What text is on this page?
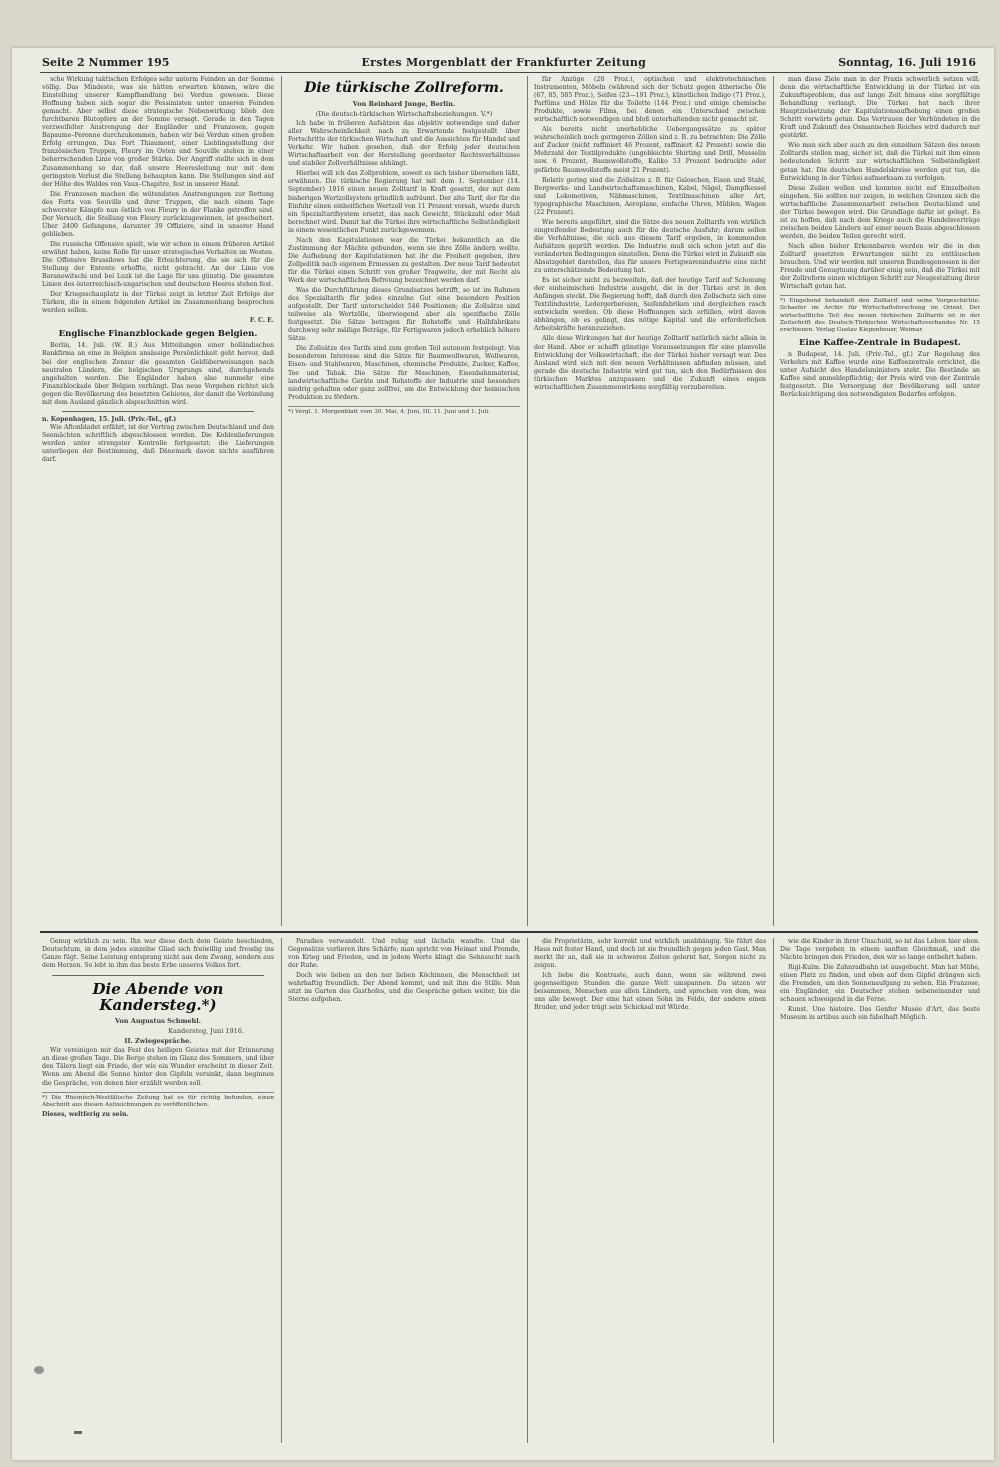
Seite 2 Nummer 195	Erstes Morgenblatt der Frankfurter Zeitung	Sonntag, 16. Juli 1916

sche Wirkung taktischen Erfolges sehr unterm Feinden an der Somme völlig. Das Mindeste, was sie hätten erwarten können, wäre die Einstellung unserer Kampfhandlung bei Verdun gewesen. Diese Hoffnung haben sich sogar die Pessimisten unter unseren Feinden gemacht. Aber selbst diese strategische Nebenwirkung blieb den furchtbaren Blutopfern an der Somme versagt. Gerade in den Tagen verzweifelter Anstrengung der Engländer und Franzosen, gegen Bapaume–Peronne durchzukommen, haben wir bei Verdun einen großen Erfolg errungen. Das Fort Thiaumont, einer Lieblingsstellung der französischen Truppen, Fleury im Osten und Souville stehen in einer beherrschenden Linie von großer Stärke. Der Angriff stellte sich in dem Zusammenhang so dar, daß unsere Heeresleitung nur mit dem geringsten Verlust die Stellung behaupten kann. Die Stellungen sind auf der Höhe des Waldes von Vaux–Chapitre, fest in unserer Hand.

Die Franzosen machen die wütendsten Anstrengungen zur Rettung des Forts von Souville und ihrer Truppen, die nach einem Tage schwerster Kämpfe nun östlich von Fleury in der Flanke getroffen sind. Der Versuch, die Stellung von Fleury zurückzugewinnen, ist gescheitert. Über 2400 Gefangene, darunter 39 Offiziere, sind in unserer Hand geblieben.

Die russische Offensive spielt, wie wir schon in einem früheren Artikel erwähnt haben, keine Rolle für unser strategisches Verhalten im Westen. Die Offensive Brussilows hat die Erleichterung, die sie sich für die Stellung der Entente erhoffte, nicht gebracht. An der Linie von Baranowitschi und bei Luzk ist die Lage für uns günstig. Die gesamten Linien des österreichisch-ungarischen und deutschen Heeres stehen fest.

Der Kriegsschauplatz in der Türkei zeigt in letzter Zeit Erfolge der Türken, die in einem folgenden Artikel im Zusammenhang besprochen werden sollen.

F. C. E.
Englische Finanzblockade gegen Belgien.

Berlin, 14. Juli. (W. B.) Aus Mitteilungen einer holländischen Bankfirma an eine in Belgien ansässige Persönlichkeit geht hervor, daß bei der englischen Zensur die gesamten Geldüberweisungen nach neutralen Ländern, die belgischen Ursprungs sind, durchgehends angehalten werden. Die Engländer haben also nunmehr eine Finanzblockade über Belgien verhängt. Das neue Vorgehen richtet sich gegen die Bevölkerung des besetzten Gebietes, der damit die Verbindung mit dem Ausland gänzlich abgeschnitten wird.

n. Kopenhagen, 15. Juli. (Priv.-Tel., gf.)

Wie Aftonbladet erfährt, ist der Vertrag zwischen Deutschland und den Seemächten schriftlich abgeschlossen worden. Die Kohlenlieferungen werden unter strengster Kontrolle fortgesetzt; die Lieferungen unterliegen der Bestimmung, daß Dänemark davon nichts ausführen darf.

Die türkische Zollreform.
Von Reinhard Junge, Berlin.
(Die deutsch-türkischen Wirtschaftsbeziehungen. V.*)

Ich habe in früheren Aufsätzen das objektiv notwendige und daher aller Wahrscheinlichkeit nach zu Erwartende festgestellt über Fortschritte der türkischen Wirtschaft und die Aussichten für Handel und Verkehr. Wir haben gesehen, daß der Erfolg jeder deutschen Wirtschaftsarbeit von der Herstellung geordneter Rechtsverhältnisse und stabiler Zollverhältnisse abhängt.

Hierbei will ich das Zollproblem, soweit es sich bisher übersehen läßt, erwähnen. Die türkische Regierung hat mit dem 1. September (14. September) 1916 einen neuen Zolltarif in Kraft gesetzt, der mit dem bisherigen Wertzollsystem gründlich aufräumt. Der alte Tarif, der für die Einfuhr einen einheitlichen Wertzoll von 11 Prozent vorsah, wurde durch ein Spezialtarifsystem ersetzt, das nach Gewicht, Stückzahl oder Maß berechnet wird. Damit hat die Türkei ihre wirtschaftliche Selbständigkeit in einem wesentlichen Punkt zurückgewonnen.

Nach den Kapitulationen war die Türkei bekanntlich an die Zustimmung der Mächte gebunden, wenn sie ihre Zölle ändern wollte. Die Aufhebung der Kapitulationen hat ihr die Freiheit gegeben, ihre Zollpolitik nach eigenem Ermessen zu gestalten. Der neue Tarif bedeutet für die Türkei einen Schritt von großer Tragweite, der mit Recht als Werk der wirtschaftlichen Befreiung bezeichnet werden darf.

Was die Durchführung dieses Grundsatzes betrifft, so ist im Rahmen des Spezialtarifs für jedes einzelne Gut eine besondere Position aufgestellt. Der Tarif unterscheidet 546 Positionen; die Zollsätze sind teilweise als Wertzölle, überwiegend aber als spezifische Zölle festgesetzt. Die Sätze betragen für Rohstoffe und Halbfabrikate durchweg sehr mäßige Beträge, für Fertigwaren jedoch erheblich höhere Sätze.

Die Zollsätze des Tarifs sind zum großen Teil autonom festgelegt. Von besonderem Interesse sind die Sätze für Baumwollwaren, Wollwaren, Eisen- und Stahlwaren, Maschinen, chemische Produkte, Zucker, Kaffee, Tee und Tabak. Die Sätze für Maschinen, Eisenbahnmaterial, landwirtschaftliche Geräte und Rohstoffe der Industrie sind besonders niedrig gehalten oder ganz zollfrei, um die Entwicklung der heimischen Produktion zu fördern.

*) Vergl. 1. Morgenblatt vom 30. Mai, 4. Juni, III. 11. Juni und 1. Juli.

für Anzüge (20 Proz.), optischen und elektrotechnischen Instrumenten, Möbeln (während sich der Schutz gegen ätherische Öle (67, 85, 505 Proz.), Seifen (23—191 Proz.), künstlichen Indigo (71 Proz.), Parfüms und Hölze für die Toilette (144 Proz.) und einige chemische Produkte, sowie Films, bei denen ein Unterschied zwischen wirtschaftlich notwendigen und bloß unterhaltenden nicht gemacht ist.

Als bereits nicht unerhebliche Uebergangssätze zu später wahrscheinlich noch geringeren Zöllen sind z. B. zu betrachten: Die Zölle auf Zucker (nicht raffiniert 46 Prozent, raffiniert 42 Prozent) sowie die Mehrzahl der Textilprodukte (ungebleichte Shirting und Drill, Musselin usw. 6 Prozent, Baumwollstoffe, Kaliko 53 Prozent bedruckte oder gefärbte Baumwollstoffe meist 21 Prozent).

Relativ gering sind die Zollsätze z. B. für Galoschen, Eisen und Stahl, Bergwerks- und Landwirtschaftsmaschinen, Kabel, Nägel, Dampfkessel und Lokomotiven, Nähmaschinen, Textilmaschinen aller Art, typographische Maschinen, Aeroplane, einfache Uhren, Mühlen, Wagen (22 Prozent).

Wie bereits angeführt, sind die Sätze des neuen Zolltarifs von wirklich eingreifender Bedeutung auch für die deutsche Ausfuhr; darum sollen die Verhältnisse, die sich aus diesem Tarif ergeben, in kommenden Aufsätzen geprüft werden. Die Industrie muß sich schon jetzt auf die veränderten Bedingungen einstellen. Denn die Türkei wird in Zukunft ein Absatzgebiet darstellen, das für unsere Fertigwarenindustrie eine nicht zu unterschätzende Bedeutung hat.

Es ist sicher nicht zu bezweifeln, daß der heutige Tarif auf Schonung der einheimischen Industrie ausgeht, die in der Türkei erst in den Anfängen steckt. Die Regierung hofft, daß durch den Zollschutz sich eine Textilindustrie, Ledergerbereien, Seifenfabriken und dergleichen rasch entwickeln werden. Ob diese Hoffnungen sich erfüllen, wird davon abhängen, ob es gelingt, das nötige Kapital und die erforderlichen Arbeitskräfte heranzuziehen.

Alle diese Wirkungen hat der heutige Zolltarif natürlich nicht allein in der Hand. Aber er schafft günstige Voraussetzungen für eine planvolle Entwicklung der Volkswirtschaft, die der Türkei bisher versagt war. Das Ausland wird sich mit den neuen Verhältnissen abfinden müssen, und gerade die deutsche Industrie wird gut tun, sich den Bedürfnissen des türkischen Marktes anzupassen und die Zukunft eines engen wirtschaftlichen Zusammenwirkens sorgfältig vorzubereiten.

man diese Ziele man in der Praxis schwerlich setzen will; denn die wirtschaftliche Entwicklung in der Türkei ist ein Zukunftsproblem, das auf lange Zeit hinaus eine sorgfältige Behandlung verlangt. Die Türkei hat nach ihrer Hauptzielsetzung der Kapitulationsaufhebung einen großen Schritt vorwärts getan. Das Vertrauen der Verbündeten in die Kraft und Zukunft des Osmanischen Reiches wird dadurch nur gestärkt.

Wie man sich aber auch zu den einzelnen Sätzen des neuen Zolltarifs stellen mag, sicher ist, daß die Türkei mit ihm einen bedeutenden Schritt zur wirtschaftlichen Selbständigkeit getan hat. Die deutschen Handelskreise werden gut tun, die Entwicklung in der Türkei aufmerksam zu verfolgen.

Diese Zeilen wollen und konnten nicht auf Einzelheiten eingehen. Sie sollten nur zeigen, in welchen Grenzen sich die wirtschaftliche Zusammenarbeit zwischen Deutschland und der Türkei bewegen wird. Die Grundlage dafür ist gelegt. Es ist zu hoffen, daß nach dem Kriege auch die Handelsverträge zwischen beiden Ländern auf einer neuen Basis abgeschlossen werden, die beiden Teilen gerecht wird.

Nach allen bisher Erkennbaren werden wir die in den Zolltarif gesetzten Erwartungen nicht zu enttäuschen brauchen. Und wir werden mit unseren Bundesgenossen in der Freude und Genugtuung darüber einig sein, daß die Türkei mit der Zollreform einen wichtigen Schritt zur Neugestaltung ihrer Wirtschaft getan hat.

*) Eingehend behandelt den Zolltarif und seine Vorgeschichte: Schaefer im Archiv für Wirtschaftsforschung im Orient. Der wirtschaftliche Teil des neuen türkischen Zolltarifs ist in der Zeitschrift des Deutsch-Türkischen Wirtschaftsverbandes Nr. 15 erschienen. Verlag Gustav Kiepenheuer, Weimar.
Eine Kaffee-Zentrale in Budapest.

n Budapest, 14. Juli. (Priv.-Tel., gf.) Zur Regelung des Verkehrs mit Kaffee wurde eine Kaffeezentrale errichtet, die unter Aufsicht des Handelsministers steht. Die Bestände an Kaffee sind anmeldepflichtig; der Preis wird von der Zentrale festgesetzt. Die Versorgung der Bevölkerung soll unter Berücksichtigung des notwendigsten Bedarfes erfolgen.

Genug wirklich zu sein. Ihn war diese doch dem Geiste beschieden, Deutschtum, in dem jedes einzelne Glied sich freiwillig und freudig ins Ganze fügt. Seine Leistung entsprang nicht aus dem Zwang, sondern aus dem Herzen. So lebt in ihm das beste Erbe unseres Volkes fort.

Die Abende von Kandersteg.*)
Von Augustus Schmehl.
Kandersteg, Juni 1916.
II. Zwiegespräche.

Wir vereinigen mir das Fest des heiligen Geistes mit der Erinnerung an diese großen Tage. Die Berge stehen im Glanz des Sommers, und über den Tälern liegt ein Friede, der wie ein Wunder erscheint in dieser Zeit. Wenn am Abend die Sonne hinter den Gipfeln versinkt, dann beginnen die Gespräche, von denen hier erzählt werden soll.

*) Die Rheinisch-Westfälische Zeitung hat es für richtig befunden, einen Abschnitt aus diesen Aufzeichnungen zu veröffentlichen.
Dieses, weltferig zu sein.

Paradies verwandelt. Und ruhig und lächeln wandte. Und die Gegensätze verlieren ihre Schärfe; man spricht von Heimat und Fremde, von Krieg und Frieden, und in jedem Worte klingt die Sehnsucht nach der Ruhe.

Doch wie lieben an den nur lieben Köchinnen, die Menschheit ist wahrhaftig freundlich. Der Abend kommt, und mit ihm die Stille. Man sitzt im Garten des Gasthofes, und die Gespräche gehen weiter, bis die Sterne aufgehen.

die Proprietärin, sehr korrekt und wirklich unabhängig. Sie führt das Haus mit fester Hand, und doch ist sie freundlich gegen jeden Gast. Man merkt ihr an, daß sie in schweren Zeiten gelernt hat, Sorgen nicht zu zeigen.

Ich liebe die Kontraste, auch dann, wenn sie während zwei gegenseitigen Stunden die ganze Welt umspannen. Da sitzen wir beisammen, Menschen aus allen Ländern, und sprechen von dem, was uns alle bewegt. Der eine hat einen Sohn im Felde, der andere einen Bruder, und jeder trägt sein Schicksal mit Würde.

wie die Kinder in ihrer Unschuld, so ist das Leben hier oben. Die Tage vergehen in einem sanften Gleichmaß, und die Nächte bringen den Frieden, den wir so lange entbehrt haben.

Rigi-Kulm. Die Zahnradbahn ist ausgebucht. Man hat Mühe, einen Platz zu finden, und oben auf dem Gipfel drängen sich die Fremden, um den Sonnenaufgang zu sehen. Ein Franzose, ein Engländer, ein Deutscher stehen nebeneinander und schauen schweigend in die Ferne.

Kunst. Une histoire. Das Genfer Musée d'Art, das beste Museum in artibus auch ein fabelhaft Möglich.
